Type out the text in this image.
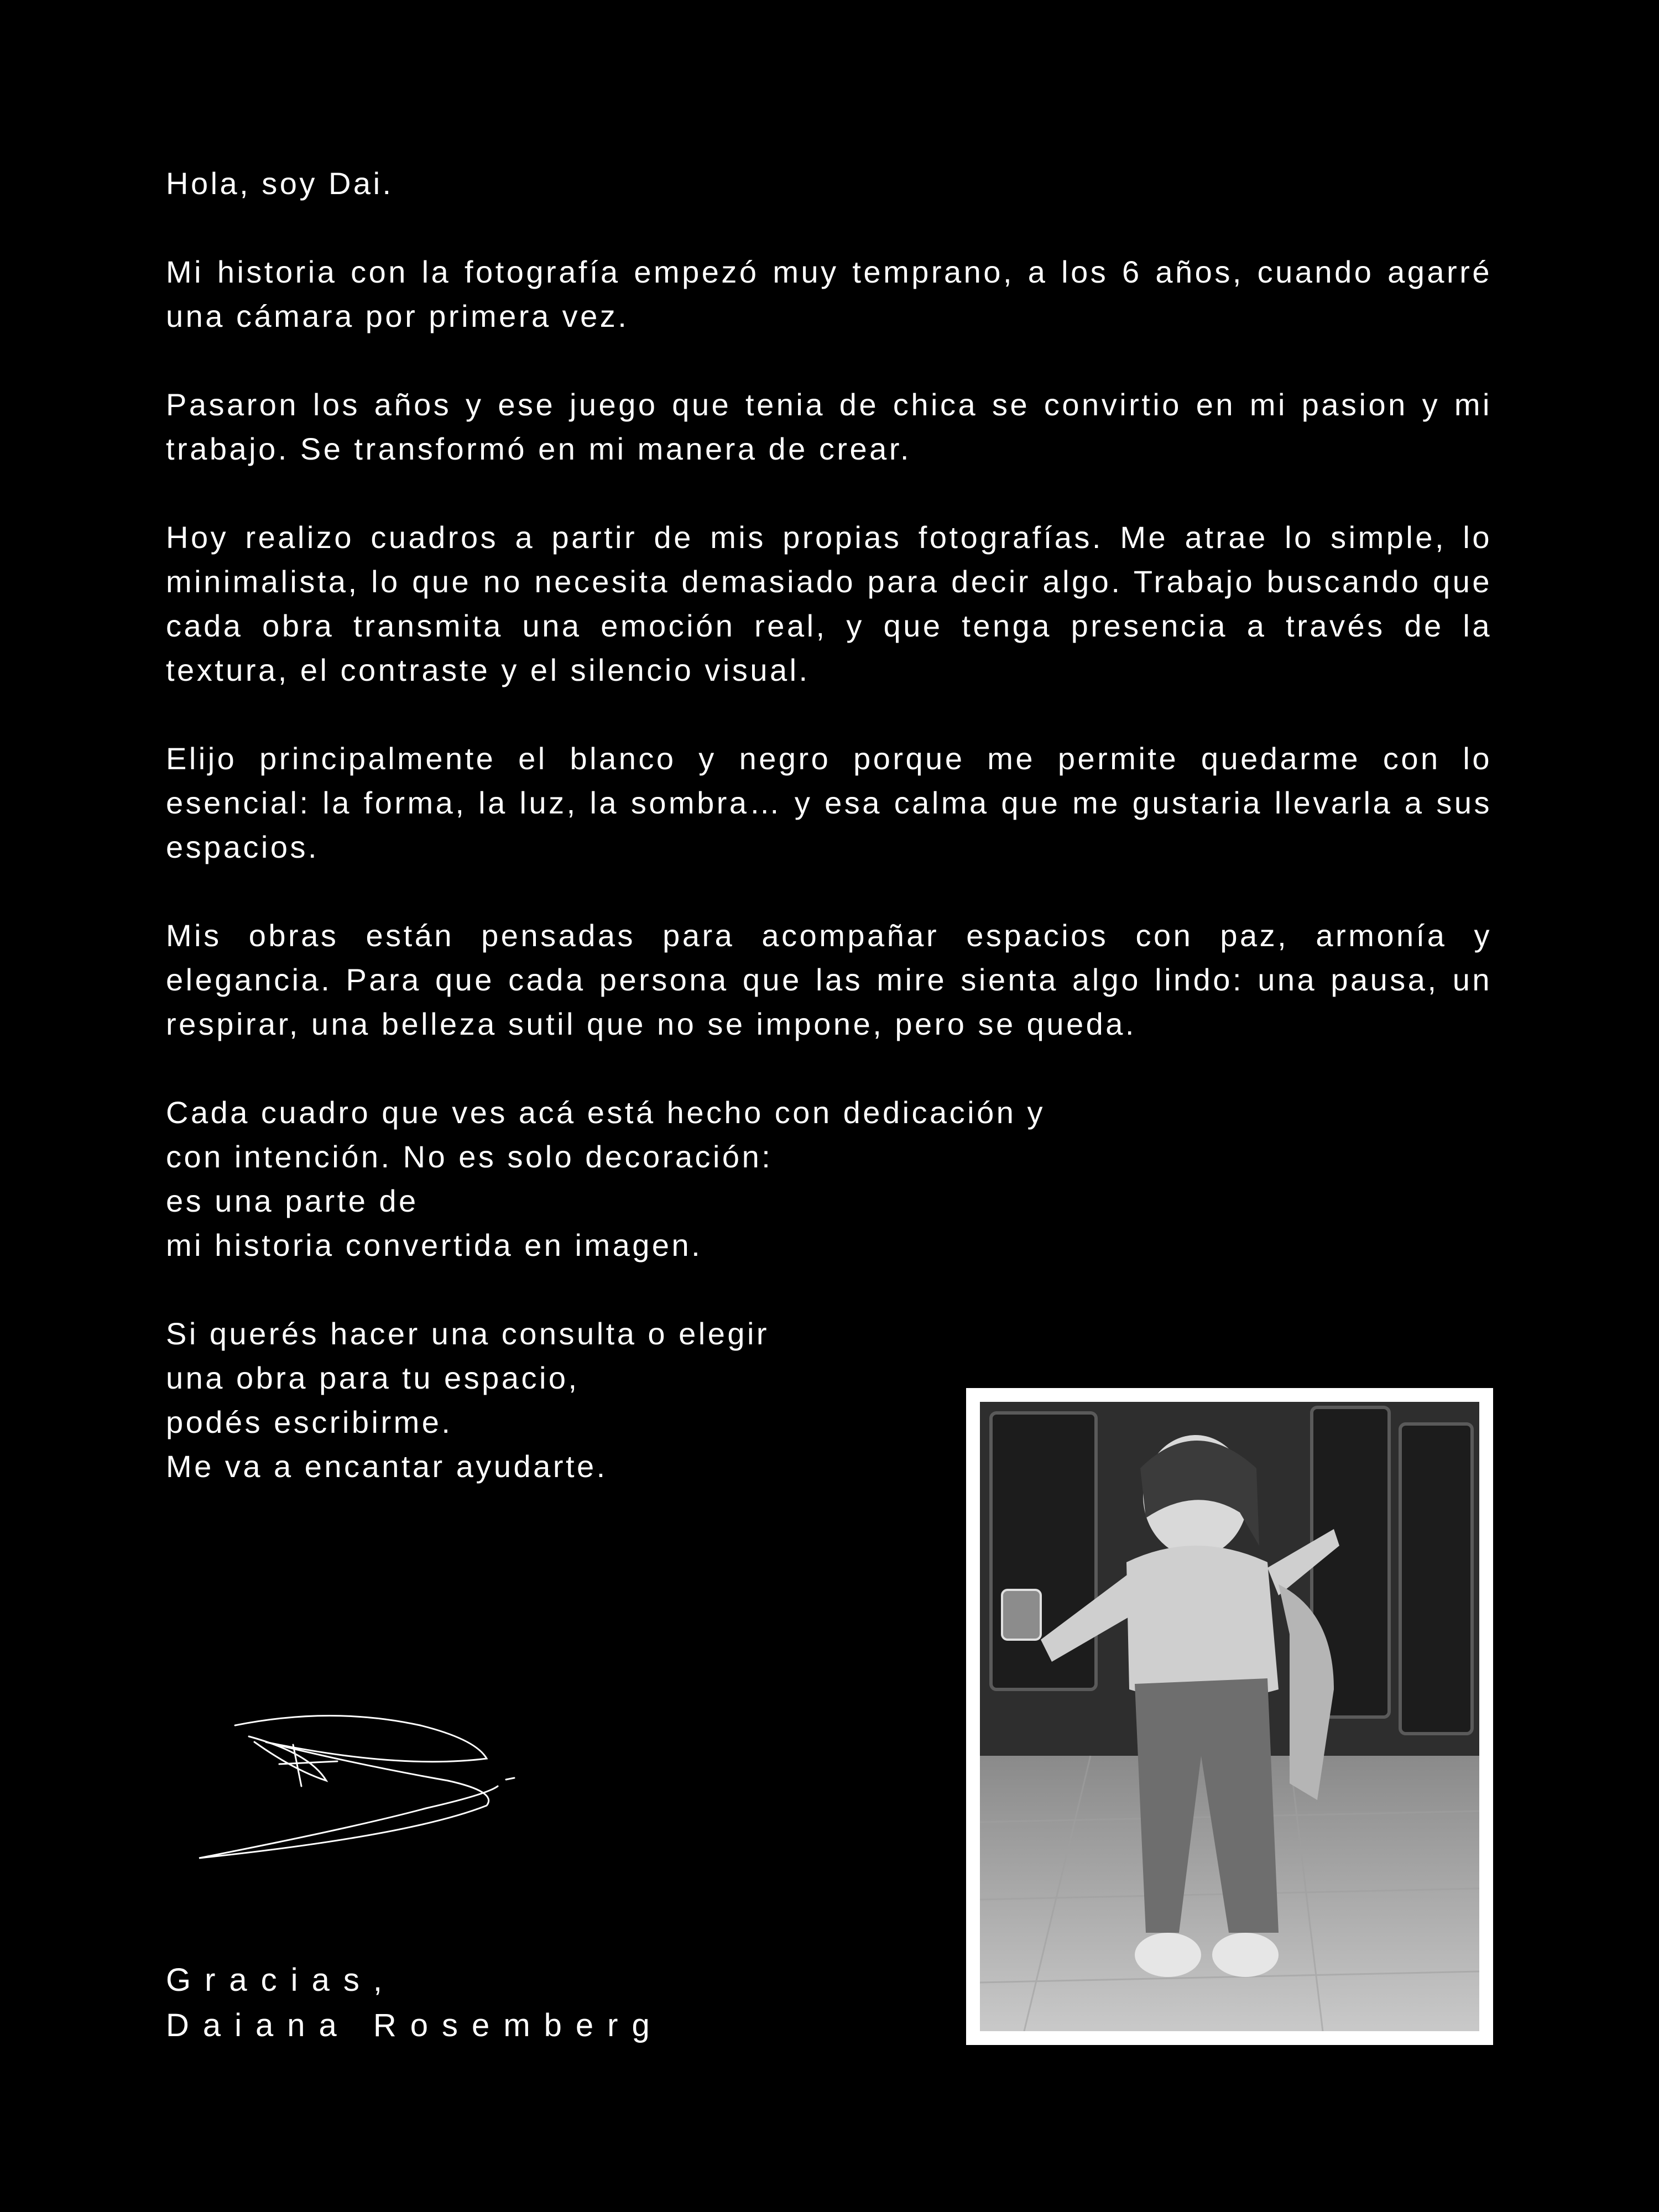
Hola, soy Dai.

Mi historia con la fotografía empezó muy temprano, a los 6 años, cuando agarré una cámara por primera vez.

Pasaron los años y ese juego que tenia de chica se convirtio en mi pasion y mi trabajo. Se transformó en mi manera de crear.

Hoy realizo cuadros a partir de mis propias fotografías. Me atrae lo simple, lo minimalista, lo que no necesita demasiado para decir algo. Trabajo buscando que cada obra transmita una emoción real, y que tenga presencia a través de la textura, el contraste y el silencio visual.

Elijo principalmente el blanco y negro porque me permite quedarme con lo esencial: la forma, la luz, la sombra… y esa calma que me gustaria llevarla a sus espacios.

Mis obras están pensadas para acompañar espacios con paz, armonía y elegancia. Para que cada persona que las mire sienta algo lindo: una pausa, un respirar, una belleza sutil que no se impone, pero se queda.

Cada cuadro que ves acá está hecho con dedicación y
con intención. No es solo decoración:
es una parte de
mi historia convertida en imagen.
Si querés hacer una consulta o elegir
una obra para tu espacio,
podés escribirme.
Me va a encantar ayudarte.
Gracias,
Daiana Rosemberg
